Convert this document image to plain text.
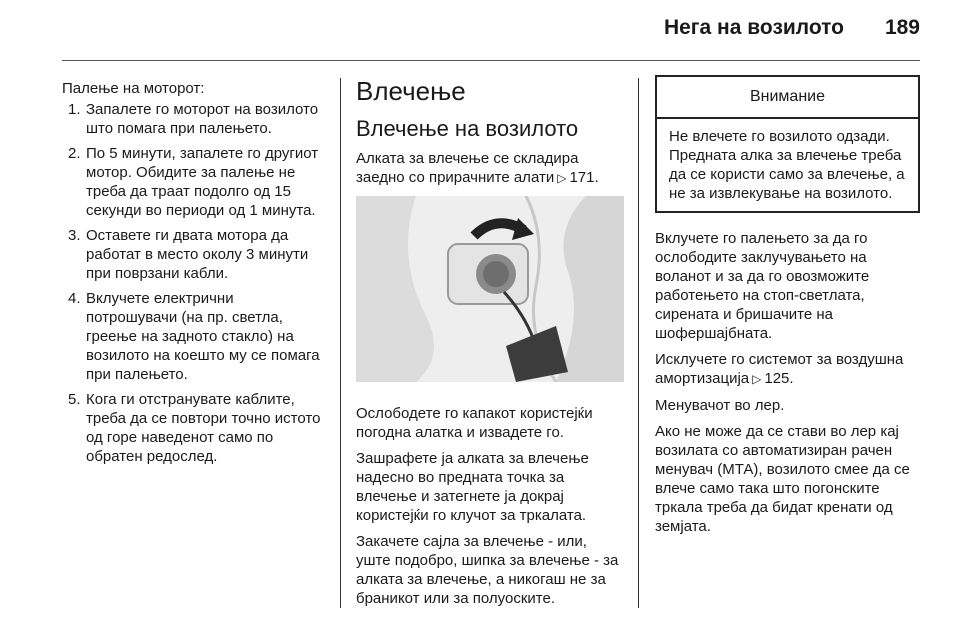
Нега на возилото 189
Палење на моторот:
1. Запалете го моторот на возилото што помага при палењето.
2. По 5 минути, запалете го другиот мотор. Обидите за палење не треба да траат подолго од 15 секунди во периоди од 1 минута.
3. Оставете ги двата мотора да работат в место околу 3 минути при поврзани кабли.
4. Вклучете електрични потрошувачи (на пр. светла, греење на задното стакло) на возилото на коешто му се помага при палењето.
5. Кога ги отстранувате каблите, треба да се повтори точно истото од горе наведенот само по обратен редослед.
Влечење
Влечење на возилото

Алката за влечење се складира заедно со прирачните алати ▷ 171.

Ослободете го капакот користејќи погодна алатка и извадете го.

Зашрафете ја алката за влечење надесно во предната точка за влечење и затегнете ја докрај користејќи го клучот за тркалата.

Закачете сајла за влечење - или, уште подобро, шипка за влечење - за алката за влечење, а никогаш не за браникот или за полуоските.

Внимание
Не влечете го возилото одзади. Предната алка за влечење треба да се користи само за влечење, а не за извлекување на возилото.

Вклучете го палењето за да го ослободите заклучувањето на воланот и за да го овозможите работењето на стоп-светлата, сирената и бришачите на шофершајбната.

Исклучете го системот за воздушна амортизација ▷ 125.

Менувачот во лер.

Ако не може да се стави во лер кај возилата со автоматизиран рачен менувач (МТА), возилото смее да се влече само така што погонските тркала треба да бидат кренати од земјата.
